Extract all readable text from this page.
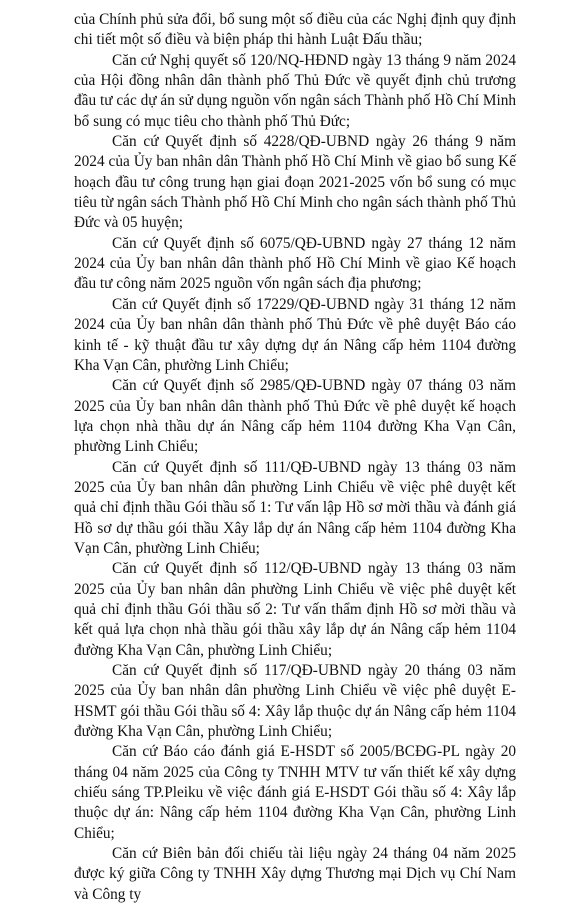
của Chính phủ sửa đổi, bổ sung một số điều của các Nghị định quy định chi tiết một số điều và biện pháp thi hành Luật Đấu thầu;

Căn cứ Nghị quyết số 120/NQ-HĐND ngày 13 tháng 9 năm 2024 của Hội đồng nhân dân thành phố Thủ Đức về quyết định chủ trương đầu tư các dự án sử dụng nguồn vốn ngân sách Thành phố Hồ Chí Minh bổ sung có mục tiêu cho thành phố Thủ Đức;

Căn cứ Quyết định số 4228/QĐ-UBND ngày 26 tháng 9 năm 2024 của Ủy ban nhân dân Thành phố Hồ Chí Minh về giao bổ sung Kế hoạch đầu tư công trung hạn giai đoạn 2021-2025 vốn bổ sung có mục tiêu từ ngân sách Thành phố Hồ Chí Minh cho ngân sách thành phố Thủ Đức và 05 huyện;

Căn cứ Quyết định số 6075/QĐ-UBND ngày 27 tháng 12 năm 2024 của Ủy ban nhân dân thành phố Hồ Chí Minh về giao Kế hoạch đầu tư công năm 2025 nguồn vốn ngân sách địa phương;

Căn cứ Quyết định số 17229/QĐ-UBND ngày 31 tháng 12 năm 2024 của Ủy ban nhân dân thành phố Thủ Đức về phê duyệt Báo cáo kinh tế - kỹ thuật đầu tư xây dựng dự án Nâng cấp hẻm 1104 đường Kha Vạn Cân, phường Linh Chiểu;

Căn cứ Quyết định số 2985/QĐ-UBND ngày 07 tháng 03 năm 2025 của Ủy ban nhân dân thành phố Thủ Đức về phê duyệt kế hoạch lựa chọn nhà thầu dự án Nâng cấp hẻm 1104 đường Kha Vạn Cân, phường Linh Chiểu;

Căn cứ Quyết định số 111/QĐ-UBND ngày 13 tháng 03 năm 2025 của Ủy ban nhân dân phường Linh Chiểu về việc phê duyệt kết quả chỉ định thầu Gói thầu số 1: Tư vấn lập Hồ sơ mời thầu và đánh giá Hồ sơ dự thầu gói thầu Xây lắp dự án Nâng cấp hẻm 1104 đường Kha Vạn Cân, phường Linh Chiểu;

Căn cứ Quyết định số 112/QĐ-UBND ngày 13 tháng 03 năm 2025 của Ủy ban nhân dân phường Linh Chiểu về việc phê duyệt kết quả chỉ định thầu Gói thầu số 2: Tư vấn thẩm định Hồ sơ mời thầu và kết quả lựa chọn nhà thầu gói thầu xây lắp dự án Nâng cấp hẻm 1104 đường Kha Vạn Cân, phường Linh Chiểu;

Căn cứ Quyết định số 117/QĐ-UBND ngày 20 tháng 03 năm 2025 của Ủy ban nhân dân phường Linh Chiểu về việc phê duyệt E-HSMT gói thầu Gói thầu số 4: Xây lắp thuộc dự án Nâng cấp hẻm 1104 đường Kha Vạn Cân, phường Linh Chiểu;

Căn cứ Báo cáo đánh giá E-HSDT số 2005/BCĐG-PL ngày 20 tháng 04 năm 2025 của Công ty TNHH MTV tư vấn thiết kế xây dựng chiếu sáng TP.Pleiku về việc đánh giá E-HSDT Gói thầu số 4: Xây lắp thuộc dự án: Nâng cấp hẻm 1104 đường Kha Vạn Cân, phường Linh Chiểu;

Căn cứ Biên bản đối chiếu tài liệu ngày 24 tháng 04 năm 2025 được ký giữa Công ty TNHH Xây dựng Thương mại Dịch vụ Chí Nam và Công ty
